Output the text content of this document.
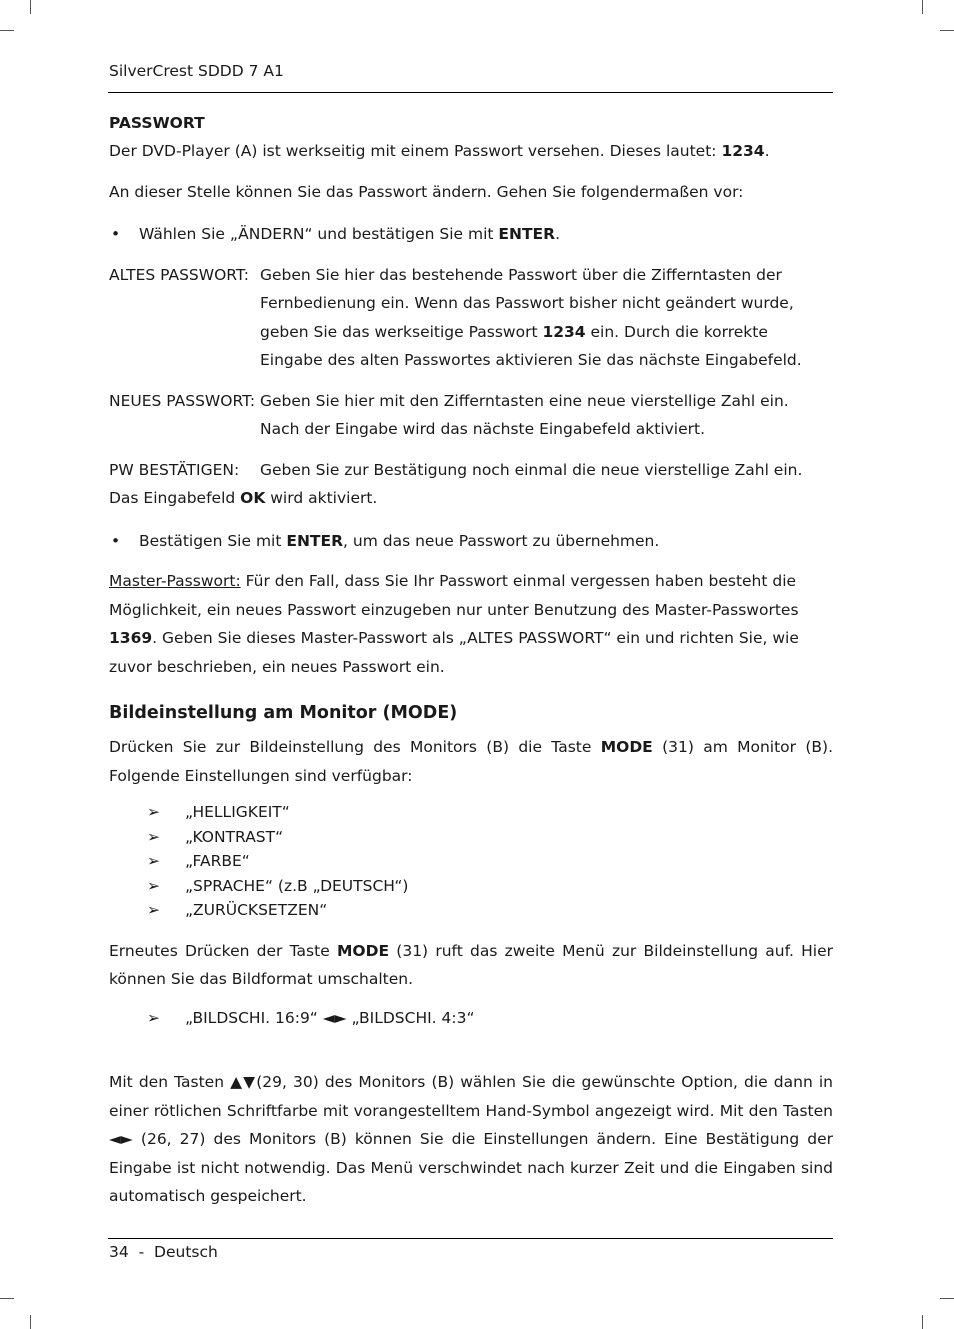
SilverCrest SDDD 7 A1

PASSWORT

Der DVD-Player (A) ist werkseitig mit einem Passwort versehen. Dieses lautet: 1234.

An dieser Stelle können Sie das Passwort ändern. Gehen Sie folgendermaßen vor:

• Wählen Sie „ÄNDERN“ und bestätigen Sie mit ENTER.

ALTES PASSWORT: Geben Sie hier das bestehende Passwort über die Zifferntasten der Fernbedienung ein. Wenn das Passwort bisher nicht geändert wurde, geben Sie das werkseitige Passwort 1234 ein. Durch die korrekte Eingabe des alten Passwortes aktivieren Sie das nächste Eingabefeld.
NEUES PASSWORT: Geben Sie hier mit den Zifferntasten eine neue vierstellige Zahl ein. Nach der Eingabe wird das nächste Eingabefeld aktiviert.

PW BESTÄTIGEN: Geben Sie zur Bestätigung noch einmal die neue vierstellige Zahl ein. Das Eingabefeld OK wird aktiviert.

• Bestätigen Sie mit ENTER, um das neue Passwort zu übernehmen.

Master-Passwort: Für den Fall, dass Sie Ihr Passwort einmal vergessen haben besteht die Möglichkeit, ein neues Passwort einzugeben nur unter Benutzung des Master-Passwortes 1369. Geben Sie dieses Master-Passwort als „ALTES PASSWORT“ ein und richten Sie, wie zuvor beschrieben, ein neues Passwort ein.

Bildeinstellung am Monitor (MODE)

Drücken Sie zur Bildeinstellung des Monitors (B) die Taste MODE (31) am Monitor (B). Folgende Einstellungen sind verfügbar:

➢	„HELLIGKEIT“
➢	„KONTRAST“
➢	„FARBE“
➢	„SPRACHE“ (z.B „DEUTSCH“)
➢	„ZURÜCKSETZEN“

Erneutes Drücken der Taste MODE (31) ruft das zweite Menü zur Bildeinstellung auf. Hier können Sie das Bildformat umschalten.

➢	„BILDSCHI. 16:9“ ◄► „BILDSCHI. 4:3“

Mit den Tasten ▲▼(29, 30) des Monitors (B) wählen Sie die gewünschte Option, die dann in einer rötlichen Schriftfarbe mit vorangestelltem Hand-Symbol angezeigt wird. Mit den Tasten ◄► (26, 27) des Monitors (B) können Sie die Einstellungen ändern. Eine Bestätigung der Eingabe ist nicht notwendig. Das Menü verschwindet nach kurzer Zeit und die Eingaben sind automatisch gespeichert.

34  -  Deutsch
